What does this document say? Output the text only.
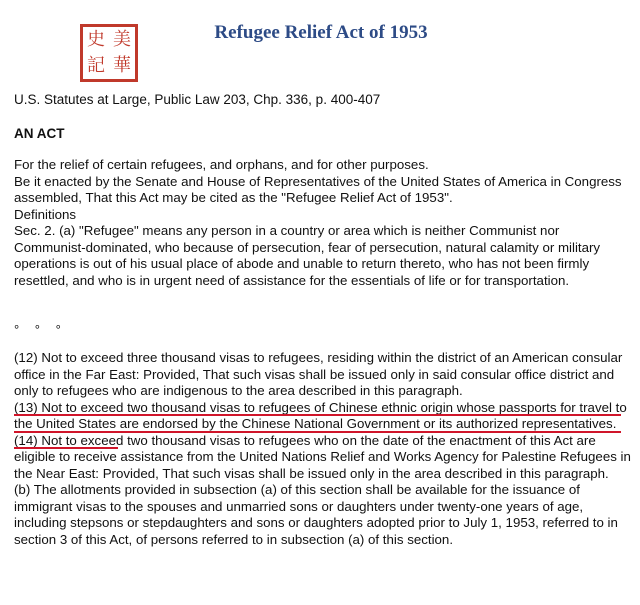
史 美
記 華
Refugee Relief Act of 1953
U.S. Statutes at Large, Public Law 203, Chp. 336, p. 400-407
AN ACT

For the relief of certain refugees, and orphans, and for other purposes.

Be it enacted by the Senate and House of Representatives of the United States of America in Congress assembled, That this Act may be cited as the "Refugee Relief Act of 1953".

Definitions

Sec. 2. (a) "Refugee" means any person in a country or area which is neither Communist nor Communist-dominated, who because of persecution, fear of persecution, natural calamity or military operations is out of his usual place of abode and unable to return thereto, who has not been firmly resettled, and who is in urgent need of assistance for the essentials of life or for transportation.

° ° °

(12) Not to exceed three thousand visas to refugees, residing within the district of an American consular office in the Far East: Provided, That such visas shall be issued only in said consular office district and only to refugees who are indigenous to the area described in this paragraph.

(13) Not to exceed two thousand visas to refugees of Chinese ethnic origin whose passports for travel to the United States are endorsed by the Chinese National Government or its authorized representatives.

(14) Not to exceed two thousand visas to refugees who on the date of the enactment of this Act are eligible to receive assistance from the United Nations Relief and Works Agency for Palestine Refugees in the Near East: Provided, That such visas shall be issued only in the area described in this paragraph.

(b) The allotments provided in subsection (a) of this section shall be available for the issuance of immigrant visas to the spouses and unmarried sons or daughters under twenty-one years of age, including stepsons or stepdaughters and sons or daughters adopted prior to July 1, 1953, referred to in section 3 of this Act, of persons referred to in subsection (a) of this section.
